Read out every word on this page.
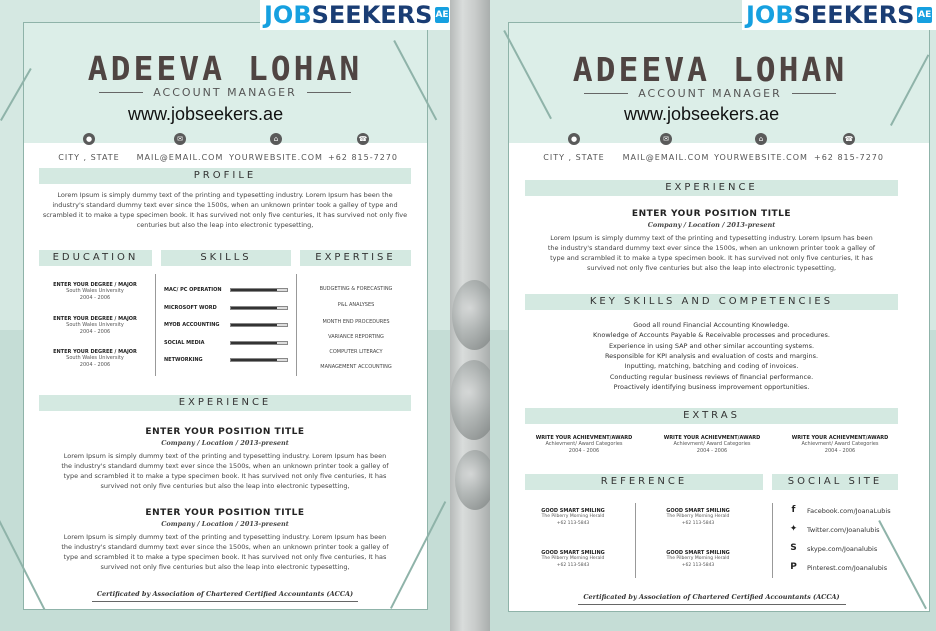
ADEEVA LOHAN
ACCOUNT MANAGER
www.jobseekers.ae
●
CITY , STATE
✉
MAIL@EMAIL.COM
⌂
YOURWEBSITE.COM
☎
+62 815-7270
PROFILE
Lorem Ipsum is simply dummy text of the printing and typesetting industry. Lorem Ipsum has been the industry's standard dummy text ever since the 1500s, when an unknown printer took a galley of type and scrambled it to make a type specimen book. It has survived not only five centuries, It has survived not only five centuries but also the leap into electronic typesetting,
EDUCATION	SKILLS	EXPERTISE
ENTER YOUR DEGREE / MAJOR
South Wales University
2004 - 2006
ENTER YOUR DEGREE / MAJOR
South Wales University
2004 - 2006
ENTER YOUR DEGREE / MAJOR
South Wales University
2004 - 2006
MAC/ PC OPERATION
MICROSOFT WORD
MYOB ACCOUNTING
SOCIAL MEDIA
NETWORKING
BUDGETING & FORECASTING
P&L ANALYSES
MONTH END PROCEDURES
VARIANCE REPORTING
COMPUTER LITERACY
MANAGEMENT ACCOUNTING
EXPERIENCE
ENTER YOUR POSITION TITLE
Company / Location / 2013-present
Lorem Ipsum is simply dummy text of the printing and typesetting industry. Lorem Ipsum has been the industry's standard dummy text ever since the 1500s, when an unknown printer took a galley of type and scrambled it to make a type specimen book. It has survived not only five centuries, It has survived not only five centuries but also the leap into electronic typesetting,
ENTER YOUR POSITION TITLE
Company / Location / 2013-present
Lorem Ipsum is simply dummy text of the printing and typesetting industry. Lorem Ipsum has been the industry's standard dummy text ever since the 1500s, when an unknown printer took a galley of type and scrambled it to make a type specimen book. It has survived not only five centuries, It has survived not only five centuries but also the leap into electronic typesetting,
Certificated by Association of Chartered Certified Accountants (ACCA)
JOBSEEKERS AE
ADEEVA LOHAN
ACCOUNT MANAGER
www.jobseekers.ae
●
CITY , STATE
✉
MAIL@EMAIL.COM
⌂
YOURWEBSITE.COM
☎
+62 815-7270
EXPERIENCE
ENTER YOUR POSITION TITLE
Company / Location / 2013-present
Lorem Ipsum is simply dummy text of the printing and typesetting industry. Lorem Ipsum has been the industry's standard dummy text ever since the 1500s, when an unknown printer took a galley of type and scrambled it to make a type specimen book. It has survived not only five centuries, It has survived not only five centuries but also the leap into electronic typesetting,
KEY SKILLS AND COMPETENCIES
Good all round Financial Accounting Knowledge.
Knowledge of Accounts Payable & Receivable processes and procedures.
Experience in using SAP and other similar accounting systems.
Responsible for KPI analysis and evaluation of costs and margins.
Inputting, matching, batching and coding of invoices.
Conducting regular business reviews of financial performance.
Proactively identifying business improvement opportunities.
EXTRAS
WRITE YOUR ACHIEVMENT/AWARD
Achievment/ Award Categories
2004 - 2006
WRITE YOUR ACHIEVMENT/AWARD
Achievment/ Award Categories
2004 - 2006
WRITE YOUR ACHIEVMENT/AWARD
Achievment/ Award Categories
2004 - 2006
REFERENCE	SOCIAL SITE
GOOD SMART SMILING
The Pilberry Morning Herald
+62 113-5843
GOOD SMART SMILING
The Pilberry Morning Herald
+62 113-5843
GOOD SMART SMILING
The Pilberry Morning Herald
+62 113-5843
GOOD SMART SMILING
The Pilberry Morning Herald
+62 113-5843
f	Facebook.com/JoanaLubis
✦ Twitter.com/Joanalubis
S	skype.com/Joanalubis
P	Pinterest.com/Joanalubis
Certificated by Association of Chartered Certified Accountants (ACCA)
JOBSEEKERS AE
